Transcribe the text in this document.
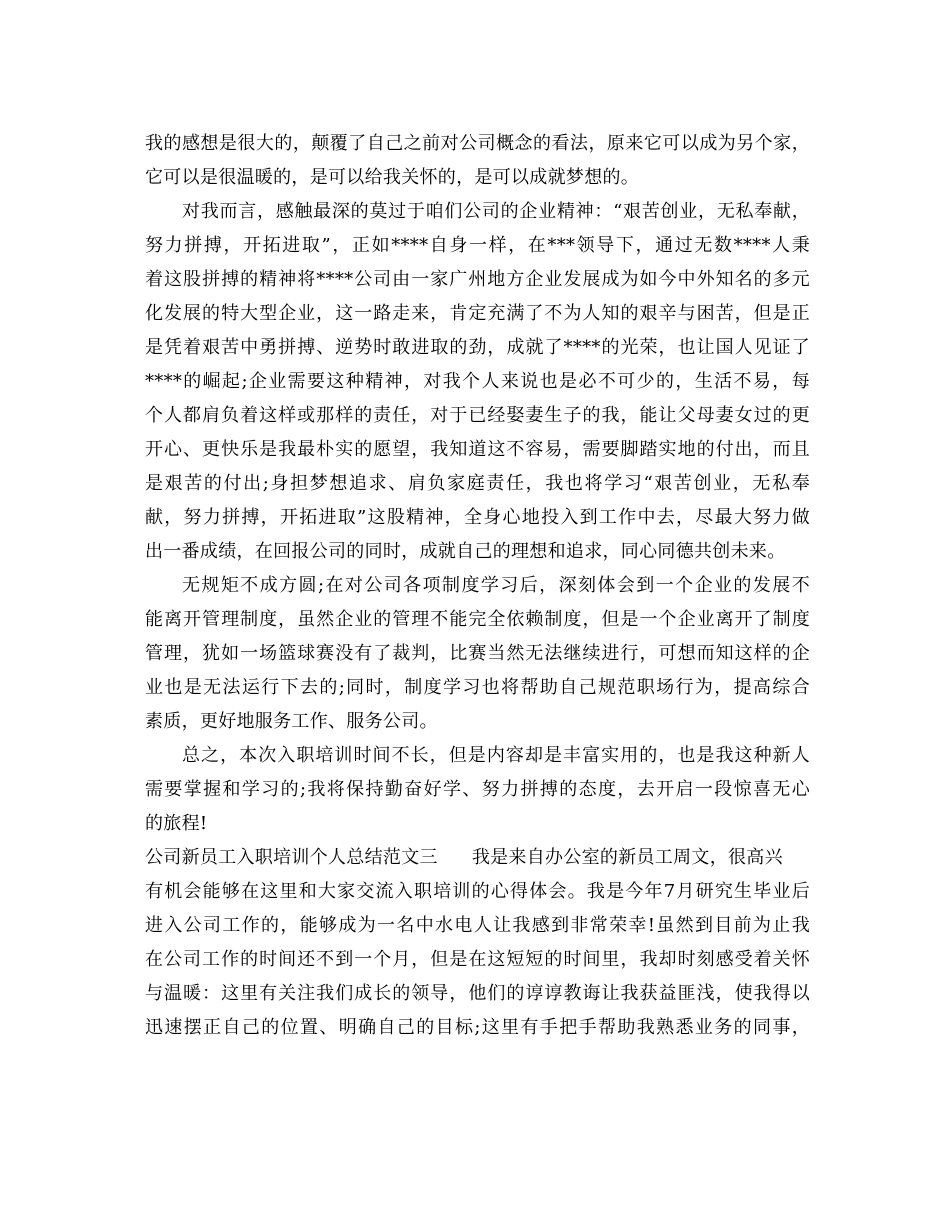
我的感想是很大的，颠覆了自己之前对公司概念的看法，原来它可以成为另个家，
它可以是很温暖的，是可以给我关怀的，是可以成就梦想的。
对我而言，感触最深的莫过于咱们公司的企业精神：“艰苦创业，无私奉献，
努力拼搏，开拓进取”，正如****自身一样，在***领导下，通过无数****人秉
着这股拼搏的精神将****公司由一家广州地方企业发展成为如今中外知名的多元
化发展的特大型企业，这一路走来，肯定充满了不为人知的艰辛与困苦，但是正
是凭着艰苦中勇拼搏、逆势时敢进取的劲，成就了****的光荣，也让国人见证了
****的崛起;企业需要这种精神，对我个人来说也是必不可少的，生活不易，每
个人都肩负着这样或那样的责任，对于已经娶妻生子的我，能让父母妻女过的更
开心、更快乐是我最朴实的愿望，我知道这不容易，需要脚踏实地的付出，而且
是艰苦的付出;身担梦想追求、肩负家庭责任，我也将学习“艰苦创业，无私奉
献，努力拼搏，开拓进取”这股精神，全身心地投入到工作中去，尽最大努力做
出一番成绩，在回报公司的同时，成就自己的理想和追求，同心同德共创未来。
无规矩不成方圆;在对公司各项制度学习后，深刻体会到一个企业的发展不
能离开管理制度，虽然企业的管理不能完全依赖制度，但是一个企业离开了制度
管理，犹如一场篮球赛没有了裁判，比赛当然无法继续进行，可想而知这样的企
业也是无法运行下去的;同时，制度学习也将帮助自己规范职场行为，提高综合
素质，更好地服务工作、服务公司。
总之，本次入职培训时间不长，但是内容却是丰富实用的，也是我这种新人
需要掌握和学习的;我将保持勤奋好学、努力拼搏的态度，去开启一段惊喜无心
的旅程!
公司新员工入职培训个人总结范文三 我是来自办公室的新员工周文，很高兴
有机会能够在这里和大家交流入职培训的心得体会。我是今年7月研究生毕业后
进入公司工作的，能够成为一名中水电人让我感到非常荣幸!虽然到目前为止我
在公司工作的时间还不到一个月，但是在这短短的时间里，我却时刻感受着关怀
与温暖：这里有关注我们成长的领导，他们的谆谆教诲让我获益匪浅，使我得以
迅速摆正自己的位置、明确自己的目标;这里有手把手帮助我熟悉业务的同事，
